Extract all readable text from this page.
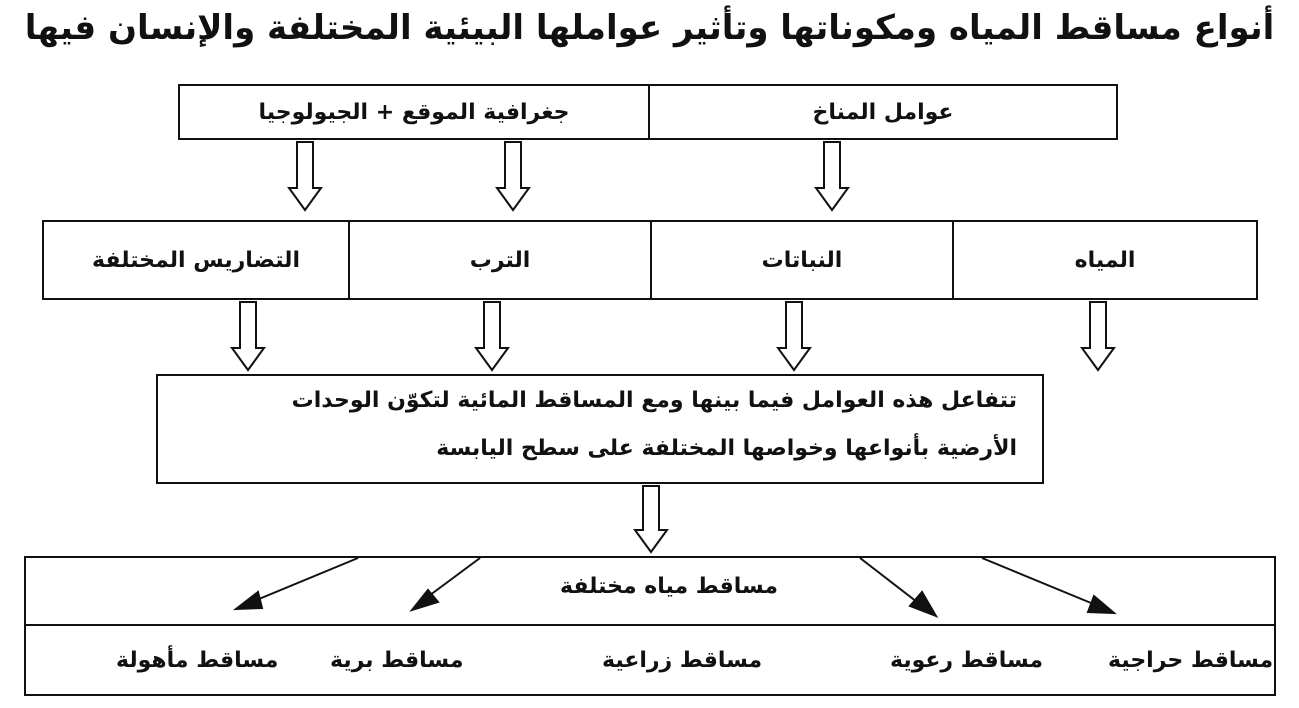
أنواع مساقط المياه ومكوناتها وتأثير عواملها البيئية المختلفة والإنسان فيها
عوامل المناخ
جغرافية الموقع + الجيولوجيا
المياه
النباتات
الترب
التضاريس المختلفة
تتفاعل هذه العوامل فيما بينها ومع المساقط المائية لتكوّن الوحدات
الأرضية بأنواعها وخواصها المختلفة على سطح اليابسة
مساقط مياه مختلفة
مساقط حراجية
مساقط رعوية
مساقط زراعية
مساقط برية
مساقط مأهولة
